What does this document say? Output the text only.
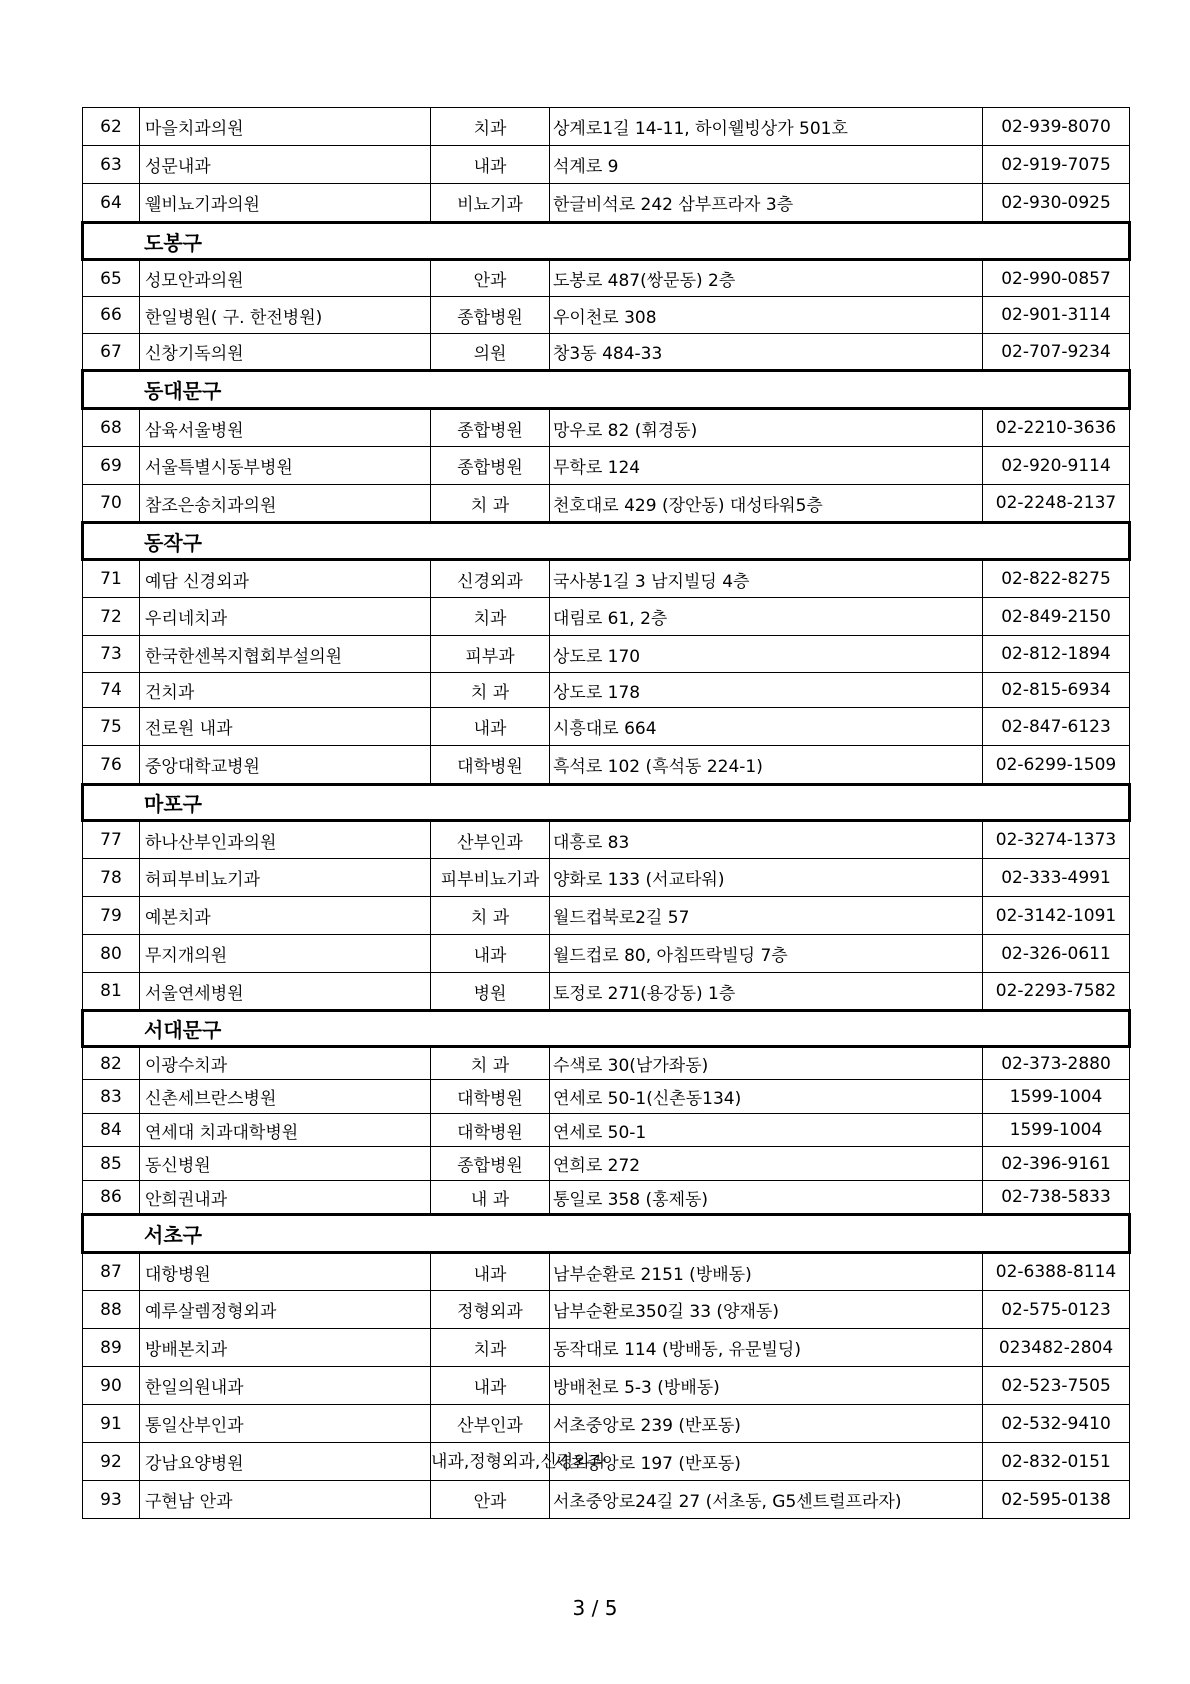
62	마을치과의원	치과	상계로1길 14-11, 하이웰빙상가 501호	02-939-8070
63	성문내과	내과	석계로 9	02-919-7075
64	웰비뇨기과의원	비뇨기과	한글비석로 242 삼부프라자 3층	02-930-0925
도봉구				
65	성모안과의원	안과	도봉로 487(쌍문동) 2층	02-990-0857
66	한일병원( 구. 한전병원)	종합병원	우이천로 308	02-901-3114
67	신창기독의원	의원	창3동 484-33	02-707-9234
동대문구				
68	삼육서울병원	종합병원	망우로 82 (휘경동)	02-2210-3636
69	서울특별시동부병원	종합병원	무학로 124	02-920-9114
70	참조은송치과의원	치 과	천호대로 429 (장안동) 대성타워5층	02-2248-2137
동작구				
71	예담 신경외과	신경외과	국사봉1길 3 남지빌딩 4층	02-822-8275
72	우리네치과	치과	대림로 61, 2층	02-849-2150
73	한국한센복지협회부설의원	피부과	상도로 170	02-812-1894
74	건치과	치 과	상도로 178	02-815-6934
75	전로원 내과	내과	시흥대로 664	02-847-6123
76	중앙대학교병원	대학병원	흑석로 102 (흑석동 224-1)	02-6299-1509
마포구				
77	하나산부인과의원	산부인과	대흥로 83	02-3274-1373
78	허피부비뇨기과	피부비뇨기과	양화로 133 (서교타워)	02-333-4991
79	예본치과	치 과	월드컵북로2길 57	02-3142-1091
80	무지개의원	내과	월드컵로 80, 아침뜨락빌딩 7층	02-326-0611
81	서울연세병원	병원	토정로 271(용강동) 1층	02-2293-7582
서대문구				
82	이광수치과	치 과	수색로 30(남가좌동)	02-373-2880
83	신촌세브란스병원	대학병원	연세로 50-1(신촌동134)	1599-1004
84	연세대 치과대학병원	대학병원	연세로 50-1	1599-1004
85	동신병원	종합병원	연희로 272	02-396-9161
86	안희권내과	내 과	통일로 358 (홍제동)	02-738-5833
서초구				
87	대항병원	내과	남부순환로 2151 (방배동)	02-6388-8114
88	예루살렘정형외과	정형외과	남부순환로350길 33 (양재동)	02-575-0123
89	방배본치과	치과	동작대로 114 (방배동, 유문빌딩)	023482-2804
90	한일의원내과	내과	방배천로 5-3 (방배동)	02-523-7505
91	통일산부인과	산부인과	서초중앙로 239 (반포동)	02-532-9410
92	강남요양병원	내과,정형외과,신경외과	서초중앙로 197 (반포동)	02-832-0151
93	구현남 안과	안과	서초중앙로24길 27 (서초동, G5센트럴프라자)	02-595-0138
3 / 5
